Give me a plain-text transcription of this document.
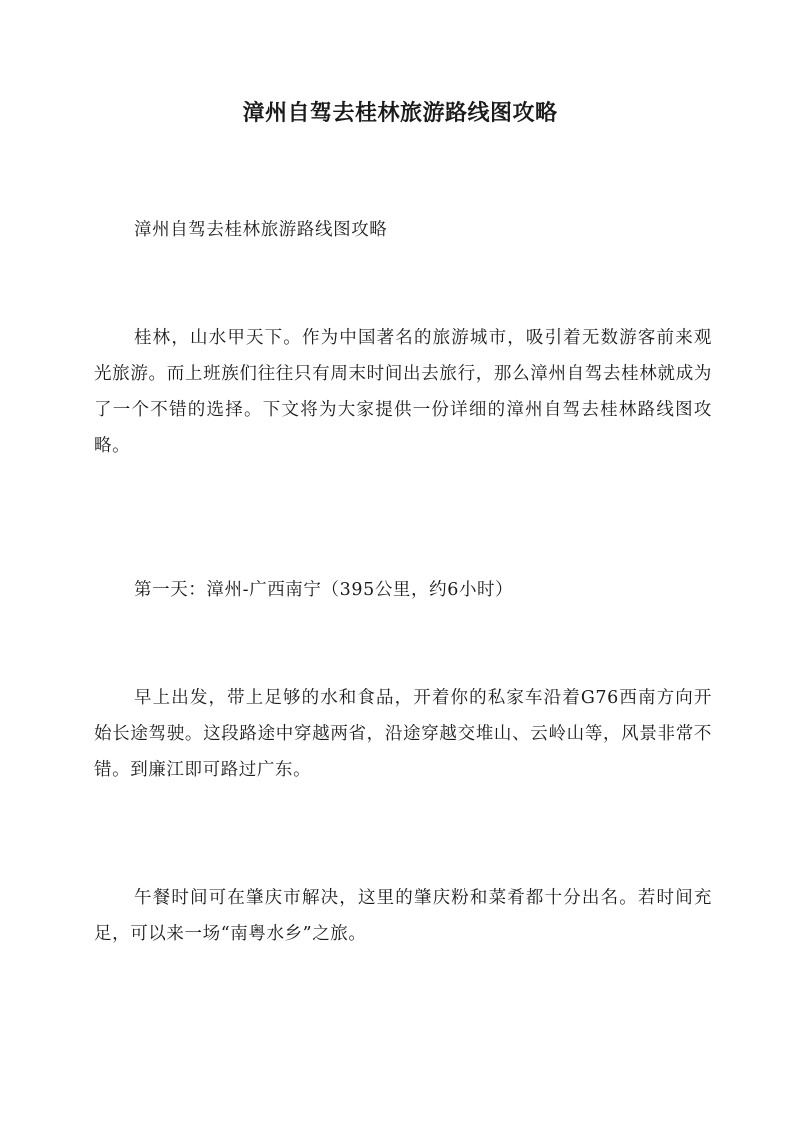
漳州自驾去桂林旅游路线图攻略

漳州自驾去桂林旅游路线图攻略

桂林，山水甲天下。作为中国著名的旅游城市，吸引着无数游客前来观光旅游。而上班族们往往只有周末时间出去旅行，那么漳州自驾去桂林就成为了一个不错的选择。下文将为大家提供一份详细的漳州自驾去桂林路线图攻略。

第一天：漳州-广西南宁（395公里，约6小时）

早上出发，带上足够的水和食品，开着你的私家车沿着G76西南方向开始长途驾驶。这段路途中穿越两省，沿途穿越交堆山、云岭山等，风景非常不错。到廉江即可路过广东。

午餐时间可在肇庆市解决，这里的肇庆粉和菜肴都十分出名。若时间充足，可以来一场“南粤水乡”之旅。
